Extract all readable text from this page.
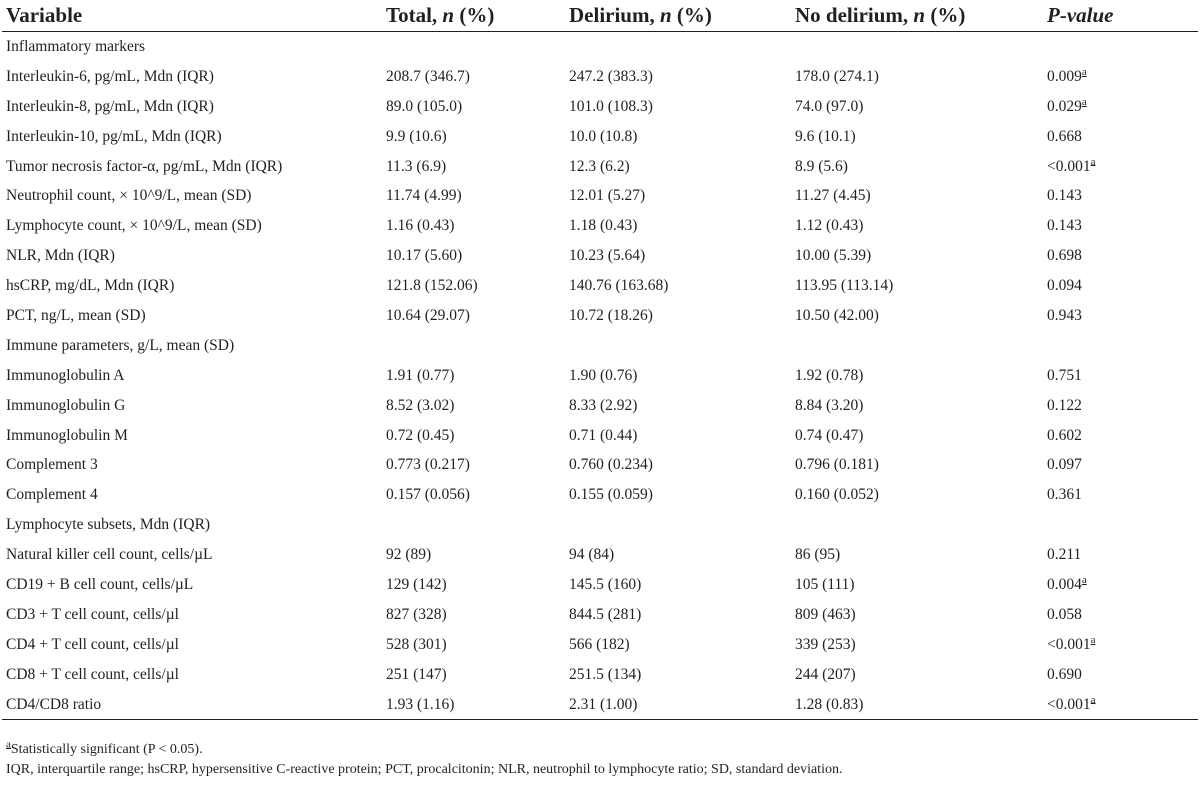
Variable	Total, n (%)	Delirium, n (%)	No delirium, n (%)	P-value
Inflammatory markers				
Interleukin-6, pg/mL, Mdn (IQR)	208.7 (346.7)	247.2 (383.3)	178.0 (274.1)	0.009$^a$
Interleukin-8, pg/mL, Mdn (IQR)	89.0 (105.0)	101.0 (108.3)	74.0 (97.0)	0.029$^a$
Interleukin-10, pg/mL, Mdn (IQR)	9.9 (10.6)	10.0 (10.8)	9.6 (10.1)	0.668
Tumor necrosis factor-α, pg/mL, Mdn (IQR)	11.3 (6.9)	12.3 (6.2)	8.9 (5.6)	<0.001$^a$
Neutrophil count, × 10^9/L, mean (SD)	11.74 (4.99)	12.01 (5.27)	11.27 (4.45)	0.143
Lymphocyte count, × 10^9/L, mean (SD)	1.16 (0.43)	1.18 (0.43)	1.12 (0.43)	0.143
NLR, Mdn (IQR)	10.17 (5.60)	10.23 (5.64)	10.00 (5.39)	0.698
hsCRP, mg/dL, Mdn (IQR)	121.8 (152.06)	140.76 (163.68)	113.95 (113.14)	0.094
PCT, ng/L, mean (SD)	10.64 (29.07)	10.72 (18.26)	10.50 (42.00)	0.943
Immune parameters, g/L, mean (SD)				
Immunoglobulin A	1.91 (0.77)	1.90 (0.76)	1.92 (0.78)	0.751
Immunoglobulin G	8.52 (3.02)	8.33 (2.92)	8.84 (3.20)	0.122
Immunoglobulin M	0.72 (0.45)	0.71 (0.44)	0.74 (0.47)	0.602
Complement 3	0.773 (0.217)	0.760 (0.234)	0.796 (0.181)	0.097
Complement 4	0.157 (0.056)	0.155 (0.059)	0.160 (0.052)	0.361
Lymphocyte subsets, Mdn (IQR)				
Natural killer cell count, cells/µL	92 (89)	94 (84)	86 (95)	0.211
CD19 + B cell count, cells/µL	129 (142)	145.5 (160)	105 (111)	0.004$^a$
CD3 + T cell count, cells/µl	827 (328)	844.5 (281)	809 (463)	0.058
CD4 + T cell count, cells/µl	528 (301)	566 (182)	339 (253)	<0.001$^a$
CD8 + T cell count, cells/µl	251 (147)	251.5 (134)	244 (207)	0.690
CD4/CD8 ratio	1.93 (1.16)	2.31 (1.00)	1.28 (0.83)	<0.001$^a$
$^a$Statistically significant (P < 0.05).
IQR, interquartile range; hsCRP, hypersensitive C-reactive protein; PCT, procalcitonin; NLR, neutrophil to lymphocyte ratio; SD, standard deviation.
